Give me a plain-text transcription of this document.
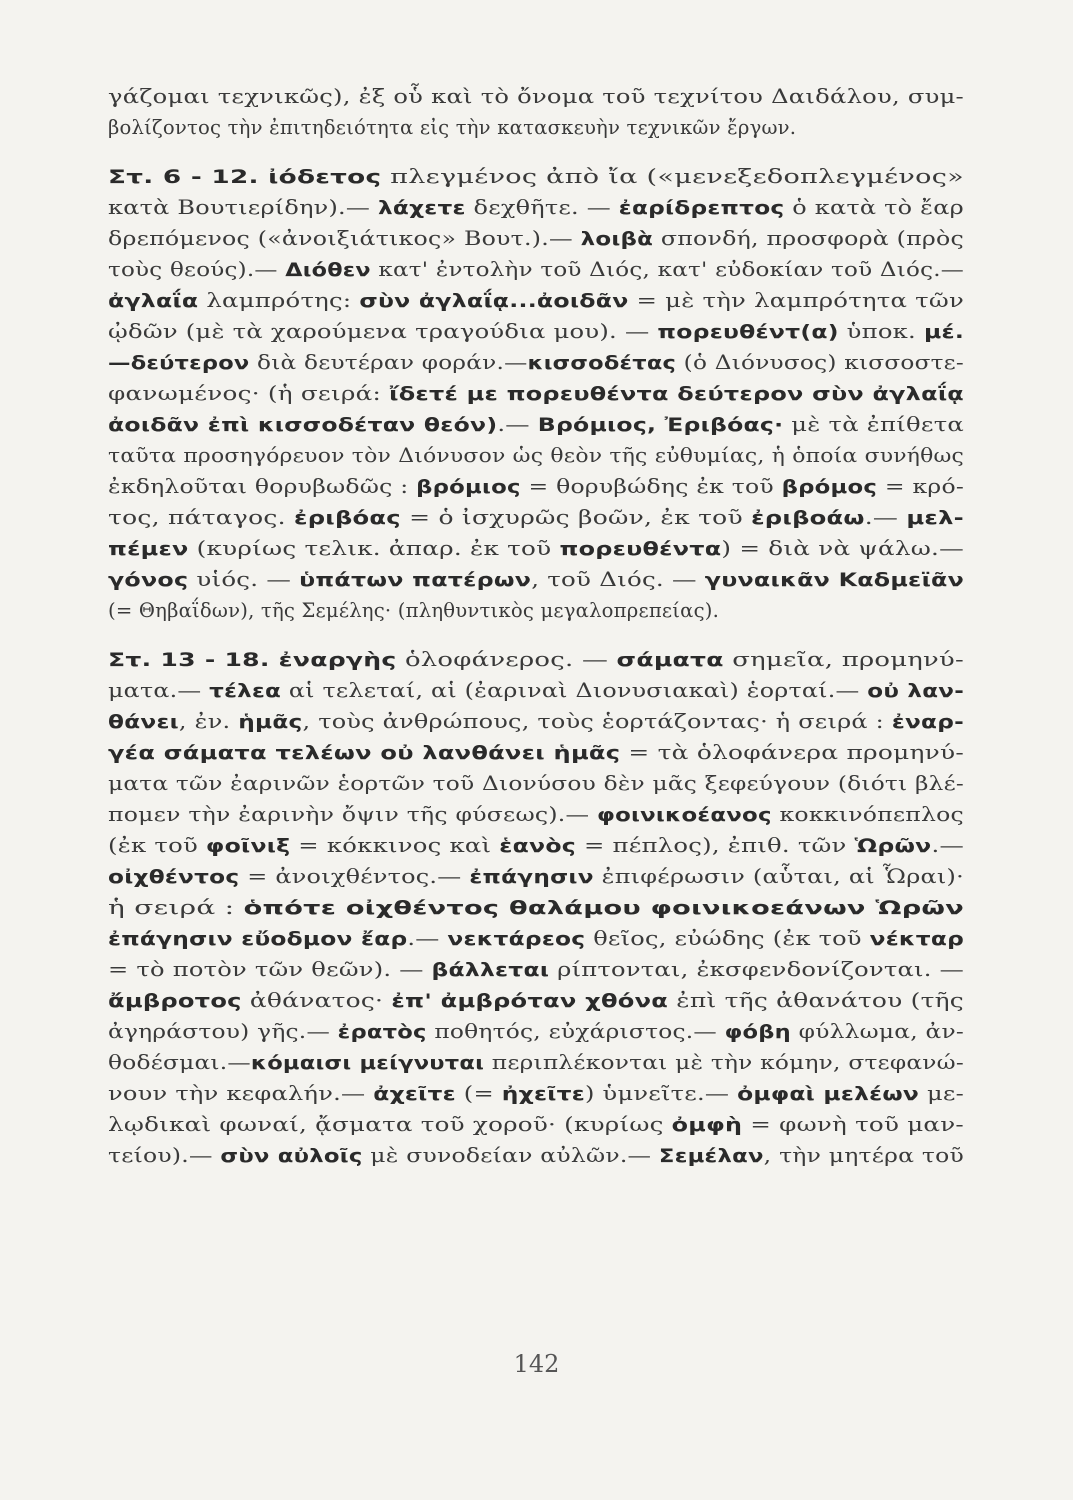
γάζομαι τεχνικῶς), ἐξ οὗ καὶ τὸ ὄνομα τοῦ τεχνίτου Δαιδάλου, συμ-
βολίζοντος τὴν ἐπιτηδειότητα εἰς τὴν κατασκευὴν τεχνικῶν ἔργων.
Στ. 6 - 12. ἰόδετος πλεγμένος ἀπὸ ἴα («μενεξεδοπλεγμένος»
κατὰ Βουτιερίδην).— λάχετε δεχθῆτε. — ἐαρίδρεπτος ὁ κατὰ τὸ ἔαρ
δρεπόμενος («ἀνοιξιάτικος» Βουτ.).— λοιβὰ σπονδή, προσφορὰ (πρὸς
τοὺς θεούς).— Διόθεν κατ' ἐντολὴν τοῦ Διός, κατ' εὐδοκίαν τοῦ Διός.—
ἀγλαΐα λαμπρότης: σὺν ἀγλαΐᾳ...ἀοιδᾶν = μὲ τὴν λαμπρότητα τῶν
ᾠδῶν (μὲ τὰ χαρούμενα τραγούδια μου). — πορευθέντ(α) ὑποκ. μέ.
—δεύτερον διὰ δευτέραν φοράν.—κισσοδέτας (ὁ Διόνυσος) κισσοστε-
φανωμένος· (ἡ σειρά: ἴδετέ με πορευθέντα δεύτερον σὺν ἀγλαΐᾳ
ἀοιδᾶν ἐπὶ κισσοδέταν θεόν).— Βρόμιος, Ἐριβόας· μὲ τὰ ἐπίθετα
ταῦτα προσηγόρευον τὸν Διόνυσον ὡς θεὸν τῆς εὐθυμίας, ἡ ὁποία συνήθως
ἐκδηλοῦται θορυβωδῶς : βρόμιος = θορυβώδης ἐκ τοῦ βρόμος = κρό-
τος, πάταγος. ἐριβόας = ὁ ἰσχυρῶς βοῶν, ἐκ τοῦ ἐριβοάω.— μελ-
πέμεν (κυρίως τελικ. ἀπαρ. ἐκ τοῦ πορευθέντα) = διὰ νὰ ψάλω.—
γόνος υἱός. — ὑπάτων πατέρων, τοῦ Διός. — γυναικᾶν Καδμεϊᾶν
(= Θηβαΐδων), τῆς Σεμέλης· (πληθυντικὸς μεγαλοπρεπείας).
Στ. 13 - 18. ἐναργὴς ὁλοφάνερος. — σάματα σημεῖα, προμηνύ-
ματα.— τέλεα αἱ τελεταί, αἱ (ἐαριναὶ Διονυσιακαὶ) ἑορταί.— οὐ λαν-
θάνει, ἐν. ἡμᾶς, τοὺς ἀνθρώπους, τοὺς ἑορτάζοντας· ἡ σειρά : ἐναρ-
γέα σάματα τελέων οὐ λανθάνει ἡμᾶς = τὰ ὁλοφάνερα προμηνύ-
ματα τῶν ἐαρινῶν ἑορτῶν τοῦ Διονύσου δὲν μᾶς ξεφεύγουν (διότι βλέ-
πομεν τὴν ἐαρινὴν ὄψιν τῆς φύσεως).— φοινικοέανος κοκκινόπεπλος
(ἐκ τοῦ φοῖνιξ = κόκκινος καὶ ἑανὸς = πέπλος), ἐπιθ. τῶν Ὡρῶν.—
οἰχθέντος = ἀνοιχθέντος.— ἐπάγησιν ἐπιφέρωσιν (αὗται, αἱ Ὧραι)·
ἡ σειρά : ὁπότε οἰχθέντος θαλάμου φοινικοεάνων Ὡρῶν
ἐπάγησιν εὔοδμον ἔαρ.— νεκτάρεος θεῖος, εὐώδης (ἐκ τοῦ νέκταρ
= τὸ ποτὸν τῶν θεῶν). — βάλλεται ρίπτονται, ἐκσφενδονίζονται. —
ἄμβροτος ἀθάνατος· ἐπ' ἀμβρόταν χθόνα ἐπὶ τῆς ἀθανάτου (τῆς
ἀγηράστου) γῆς.— ἐρατὸς ποθητός, εὐχάριστος.— φόβη φύλλωμα, ἀν-
θοδέσμαι.—κόμαισι μείγνυται περιπλέκονται μὲ τὴν κόμην, στεφανώ-
νουν τὴν κεφαλήν.— ἀχεῖτε (= ἠχεῖτε) ὑμνεῖτε.— ὀμφαὶ μελέων με-
λῳδικαὶ φωναί, ᾄσματα τοῦ χοροῦ· (κυρίως ὀμφὴ = φωνὴ τοῦ μαν-
τείου).— σὺν αὐλοῖς μὲ συνοδείαν αὐλῶν.— Σεμέλαν, τὴν μητέρα τοῦ
142
